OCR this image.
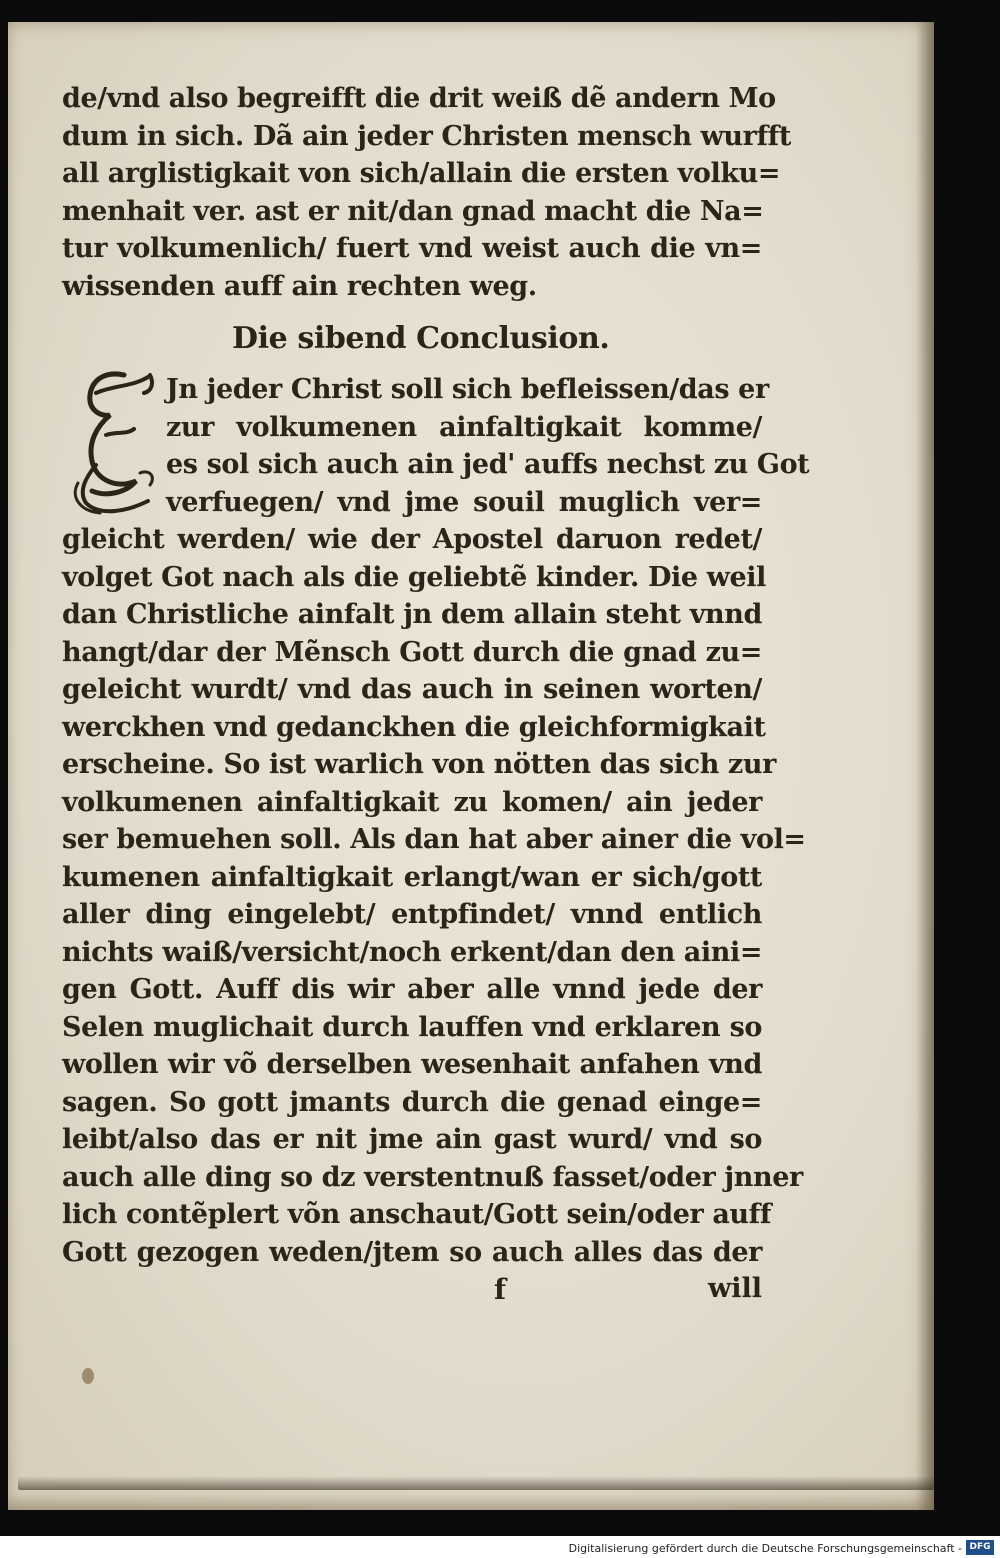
de/vnd also begreifft die drit weiß dẽ andern Mo
dum in sich. Dã ain jeder Christen mensch wurfft
all arglistigkait von sich/allain die ersten volku=
menhait ver. ast er nit/dan gnad macht die Na=
tur volkumenlich/ fuert vnd weist auch die vn=
wissenden auff ain rechten weg.
Die sibend Conclusion.
Jn jeder Christ soll sich befleissen/das er
zur volkumenen ainfaltigkait komme/
es sol sich auch ain jed' auffs nechst zu Got
verfuegen/ vnd jme souil muglich ver=
gleicht werden/ wie der Apostel daruon redet/
volget Got nach als die geliebtẽ kinder. Die weil
dan Christliche ainfalt jn dem allain steht vnnd
hangt/dar der Mẽnsch Gott durch die gnad zu=
geleicht wurdt/ vnd das auch in seinen worten/
werckhen vnd gedanckhen die gleichformigkait
erscheine. So ist warlich von nötten das sich zur
volkumenen ainfaltigkait zu komen/ ain jeder
ser bemuehen soll. Als dan hat aber ainer die vol=
kumenen ainfaltigkait erlangt/wan er sich/gott
aller ding eingelebt/ entpfindet/ vnnd entlich
nichts waiß/versicht/noch erkent/dan den aini=
gen Gott. Auff dis wir aber alle vnnd jede der
Selen muglichait durch lauffen vnd erklaren so
wollen wir võ derselben wesenhait anfahen vnd
sagen. So gott jmants durch die genad einge=
leibt/also das er nit jme ain gast wurd/ vnd so
auch alle ding so dz verstentnuß fasset/oder jnner
lich contẽplert võn anschaut/Gott sein/oder auff
Gott gezogen weden/jtem so auch alles das der
f	will
Digitalisierung gefördert durch die Deutsche Forschungsgemeinschaft - DFG
